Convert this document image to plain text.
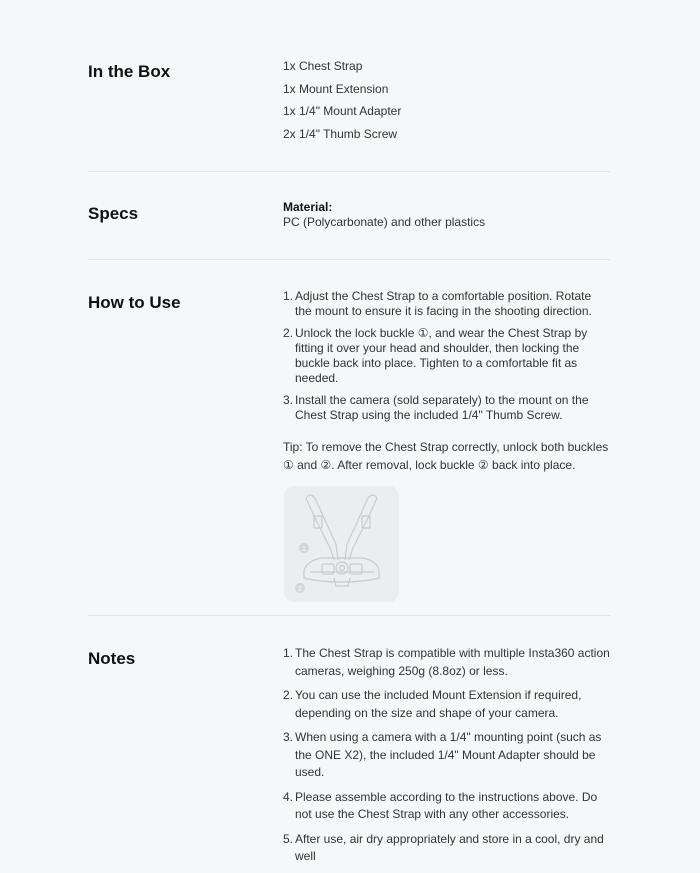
In the Box	1x Chest Strap
1x Mount Extension
1x 1/4" Mount Adapter
2x 1/4" Thumb Screw
Specs	Material:
PC (Polycarbonate) and other plastics
How to Use	1. Adjust the Chest Strap to a comfortable position. Rotate the mount to ensure it is facing in the shooting direction.
2. Unlock the lock buckle ①, and wear the Chest Strap by fitting it over your head and shoulder, then locking the buckle back into place. Tighten to a comfortable fit as needed.
3. Install the camera (sold separately) to the mount on the Chest Strap using the included 1/4" Thumb Screw.
Tip: To remove the Chest Strap correctly, unlock both buckles ① and ②. After removal, lock buckle ② back into place.
1
2
Notes	1. The Chest Strap is compatible with multiple Insta360 action cameras, weighing 250g (8.8oz) or less.
2. You can use the included Mount Extension if required, depending on the size and shape of your camera.
3. When using a camera with a 1/4" mounting point (such as the ONE X2), the included 1/4" Mount Adapter should be used.
4. Please assemble according to the instructions above. Do not use the Chest Strap with any other accessories.
5. After use, air dry appropriately and store in a cool, dry and well
